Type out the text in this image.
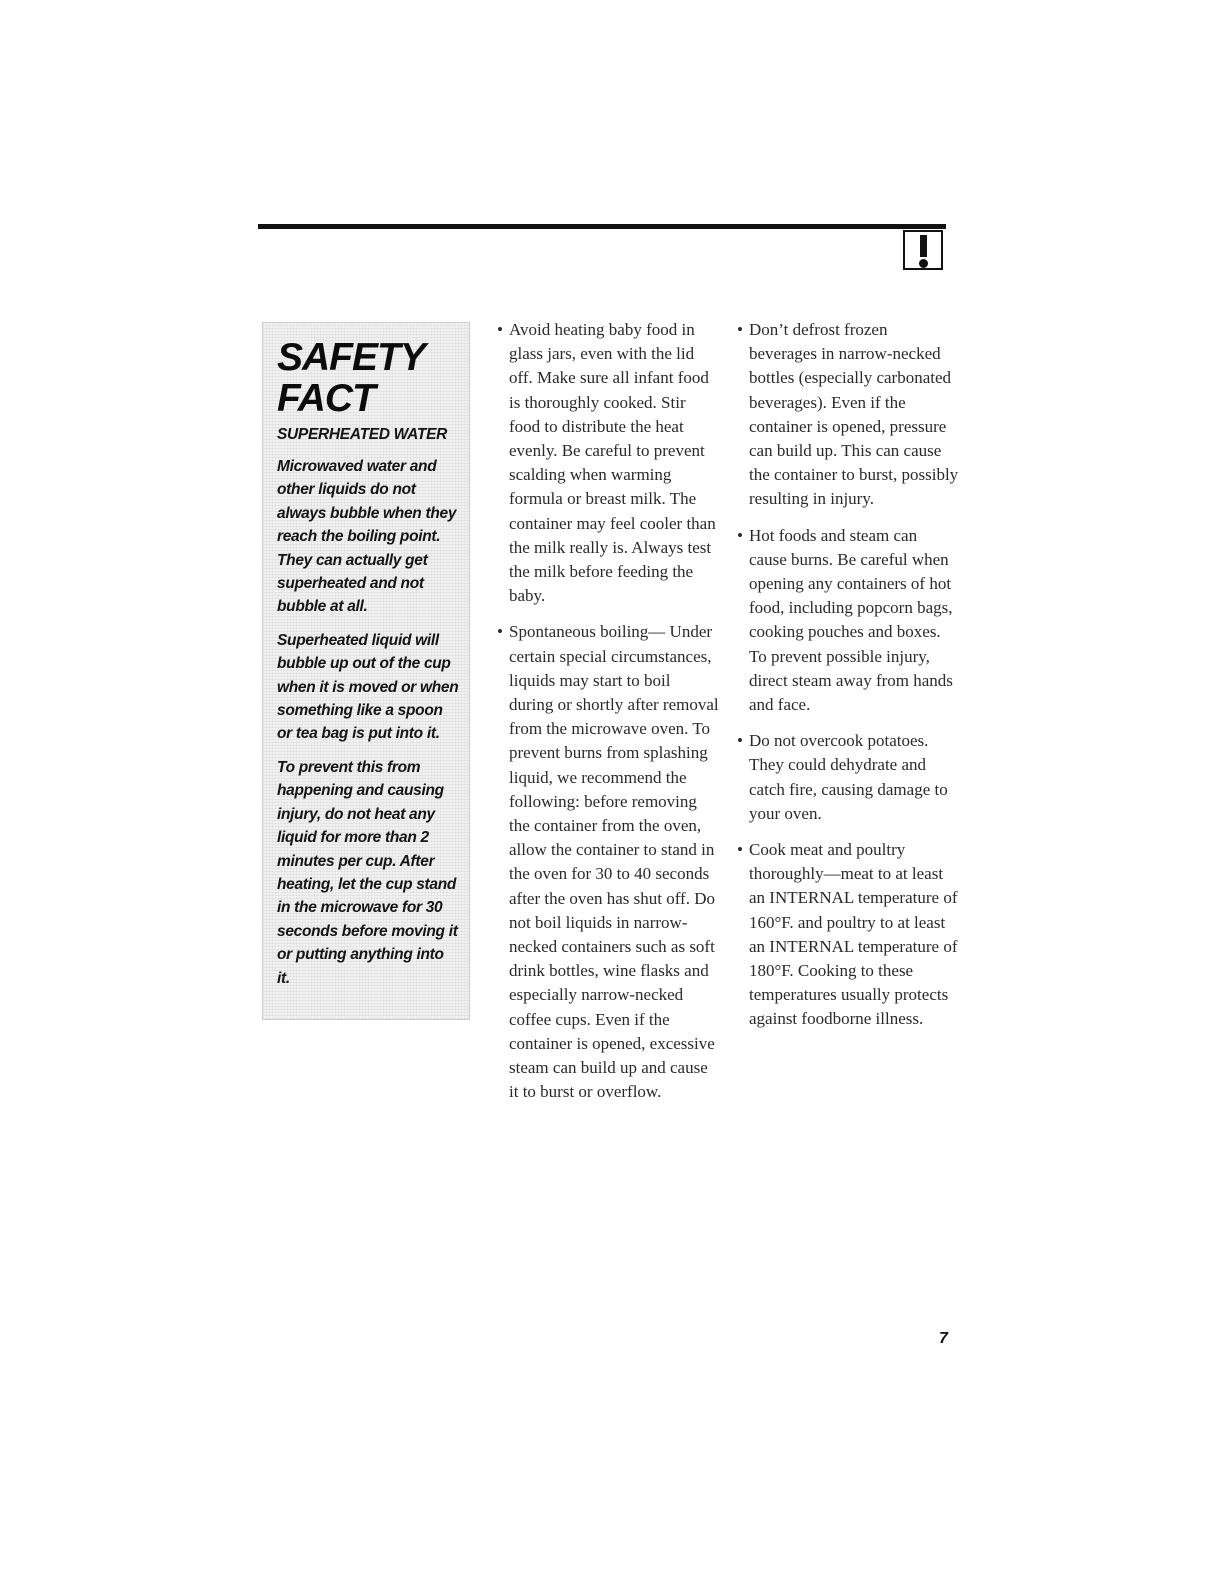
SAFETY
FACT
SUPERHEATED WATER

Microwaved water and other liquids do not always bubble when they reach the boiling point. They can actually get superheated and not bubble at all.

Superheated liquid will bubble up out of the cup when it is moved or when something like a spoon or tea bag is put into it.

To prevent this from happening and causing injury, do not heat any liquid for more than 2 minutes per cup. After heating, let the cup stand in the microwave for 30 seconds before moving it or putting anything into it.

• Avoid heating baby food in glass jars, even with the lid off. Make sure all infant food is thoroughly cooked. Stir food to distribute the heat evenly. Be careful to prevent scalding when warming formula or breast milk. The container may feel cooler than the milk really is. Always test the milk before feeding the baby.
• Spontaneous boiling— Under certain special circumstances, liquids may start to boil during or shortly after removal from the microwave oven. To prevent burns from splashing liquid, we recommend the following: before removing the container from the oven, allow the container to stand in the oven for 30 to 40 seconds after the oven has shut off. Do not boil liquids in narrow-necked containers such as soft drink bottles, wine flasks and especially narrow-necked coffee cups. Even if the container is opened, excessive steam can build up and cause it to burst or overflow.
• Don’t defrost frozen beverages in narrow-necked bottles (especially carbonated beverages). Even if the container is opened, pressure can build up. This can cause the container to burst, possibly resulting in injury.
• Hot foods and steam can cause burns. Be careful when opening any containers of hot food, including popcorn bags, cooking pouches and boxes. To prevent possible injury, direct steam away from hands and face.
• Do not overcook potatoes. They could dehydrate and catch fire, causing damage to your oven.
• Cook meat and poultry thoroughly—meat to at least an INTERNAL temperature of 160°F. and poultry to at least an INTERNAL temperature of 180°F. Cooking to these temperatures usually protects against foodborne illness.
7
